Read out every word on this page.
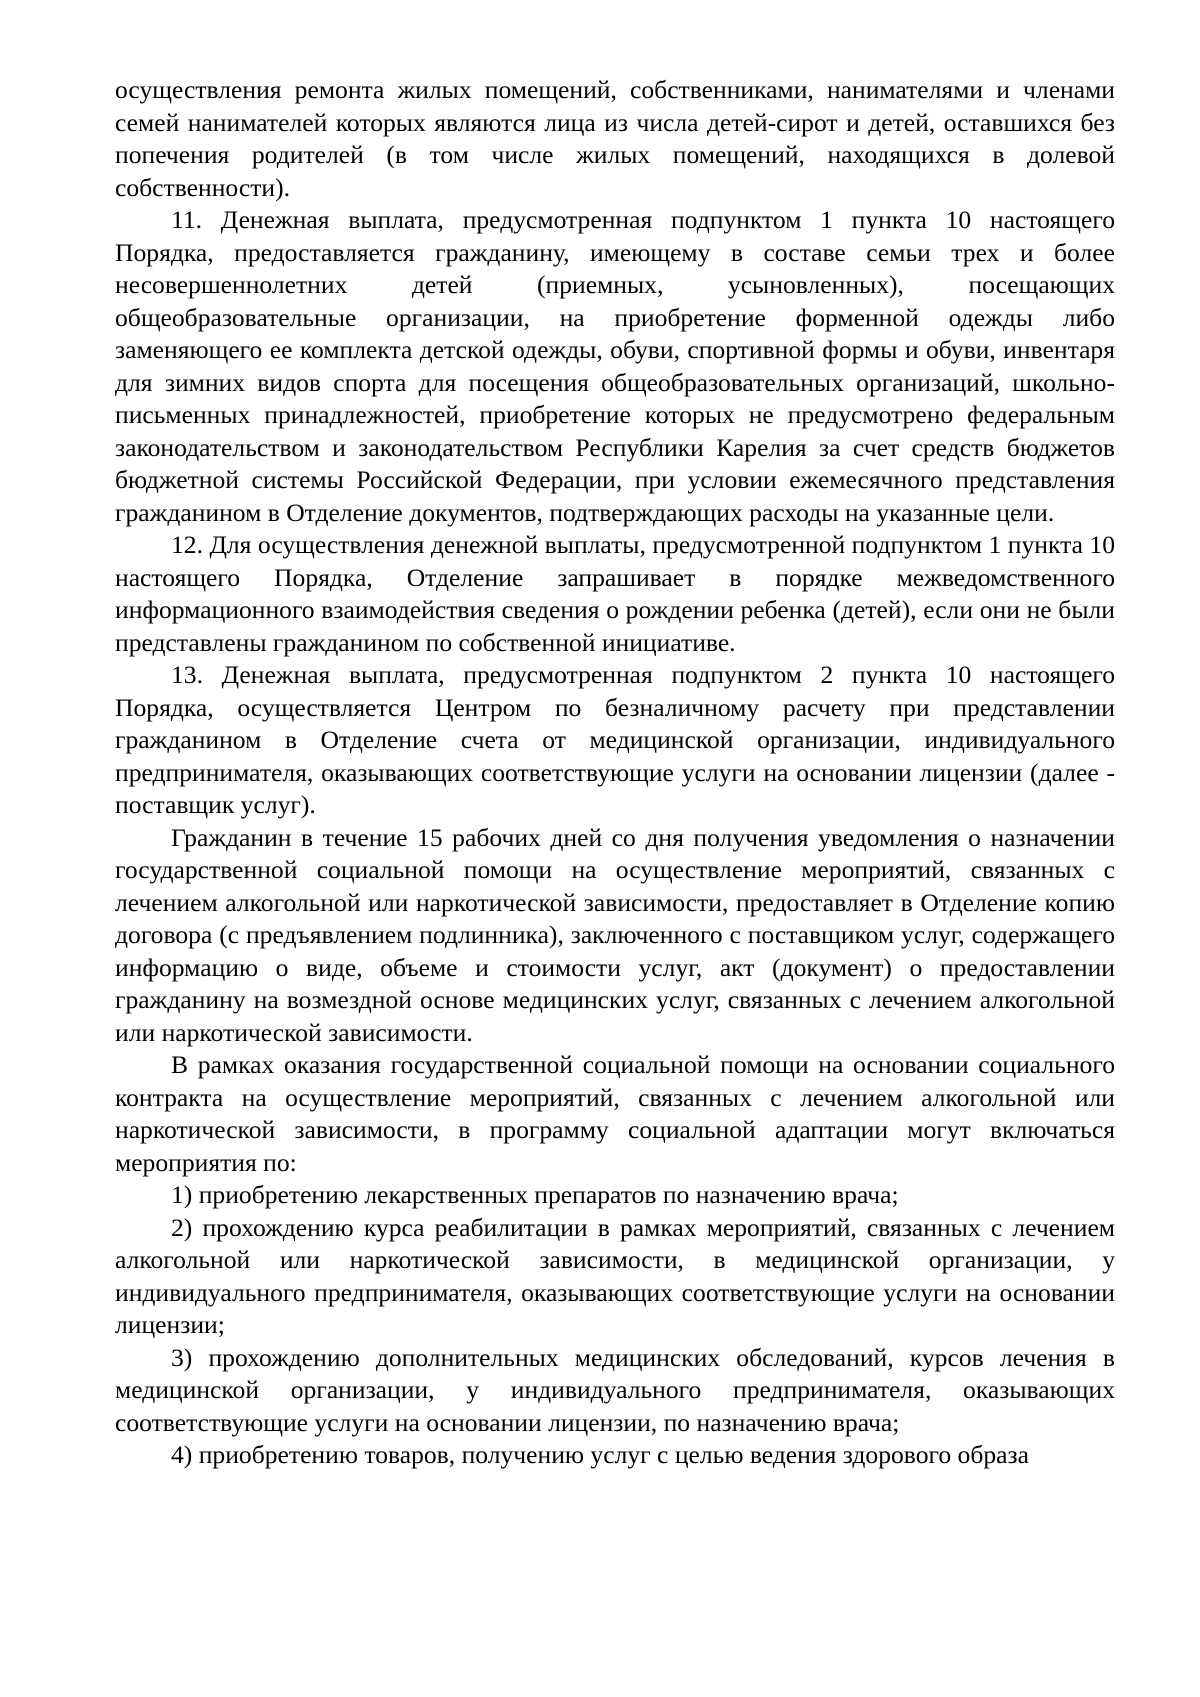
осуществления ремонта жилых помещений, собственниками, нанимателями и членами семей нанимателей которых являются лица из числа детей-сирот и детей, оставшихся без попечения родителей (в том числе жилых помещений, находящихся в долевой собственности).

11. Денежная выплата, предусмотренная подпунктом 1 пункта 10 настоящего Порядка, предоставляется гражданину, имеющему в составе семьи трех и более несовершеннолетних детей (приемных, усыновленных), посещающих общеобразовательные организации, на приобретение форменной одежды либо заменяющего ее комплекта детской одежды, обуви, спортивной формы и обуви, инвентаря для зимних видов спорта для посещения общеобразовательных организаций, школьно-письменных принадлежностей, приобретение которых не предусмотрено федеральным законодательством и законодательством Республики Карелия за счет средств бюджетов бюджетной системы Российской Федерации, при условии ежемесячного представления гражданином в Отделение документов, подтверждающих расходы на указанные цели.

12. Для осуществления денежной выплаты, предусмотренной подпунктом 1 пункта 10 настоящего Порядка, Отделение запрашивает в порядке межведомственного информационного взаимодействия сведения о рождении ребенка (детей), если они не были представлены гражданином по собственной инициативе.

13. Денежная выплата, предусмотренная подпунктом 2 пункта 10 настоящего Порядка, осуществляется Центром по безналичному расчету при представлении гражданином в Отделение счета от медицинской организации, индивидуального предпринимателя, оказывающих соответствующие услуги на основании лицензии (далее - поставщик услуг).

Гражданин в течение 15 рабочих дней со дня получения уведомления о назначении государственной социальной помощи на осуществление мероприятий, связанных с лечением алкогольной или наркотической зависимости, предоставляет в Отделение копию договора (с предъявлением подлинника), заключенного с поставщиком услуг, содержащего информацию о виде, объеме и стоимости услуг, акт (документ) о предоставлении гражданину на возмездной основе медицинских услуг, связанных с лечением алкогольной или наркотической зависимости.

В рамках оказания государственной социальной помощи на основании социального контракта на осуществление мероприятий, связанных с лечением алкогольной или наркотической зависимости, в программу социальной адаптации могут включаться мероприятия по:

1) приобретению лекарственных препаратов по назначению врача;

2) прохождению курса реабилитации в рамках мероприятий, связанных с лечением алкогольной или наркотической зависимости, в медицинской организации, у индивидуального предпринимателя, оказывающих соответствующие услуги на основании лицензии;

3) прохождению дополнительных медицинских обследований, курсов лечения в медицинской организации, у индивидуального предпринимателя, оказывающих соответствующие услуги на основании лицензии, по назначению врача;

4) приобретению товаров, получению услуг с целью ведения здорового образа
